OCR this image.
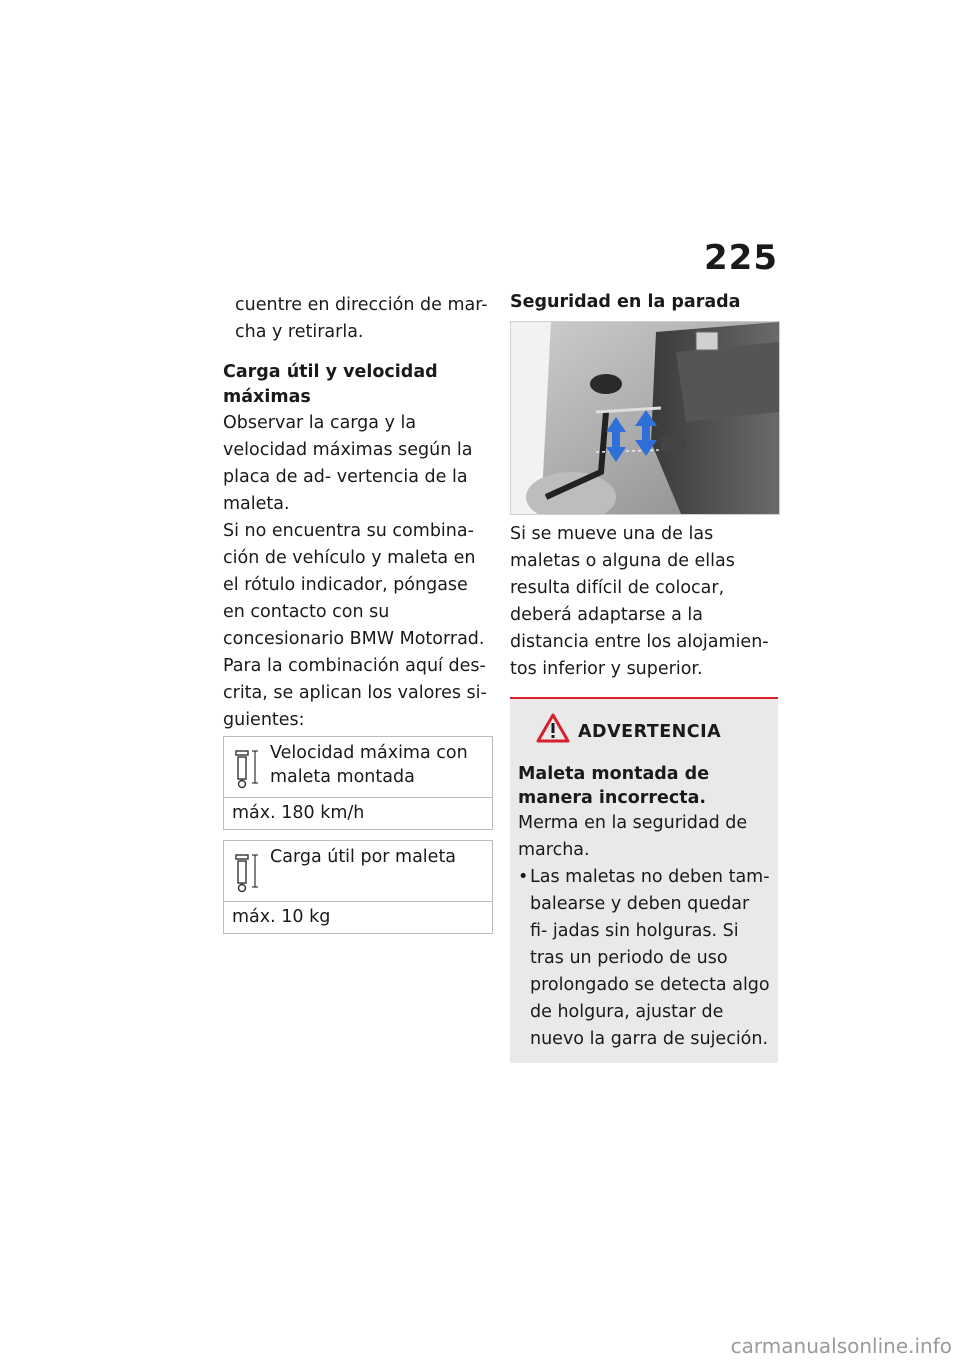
225

cuentre en dirección de mar-

cha y retirarla.

Carga útil y velocidad
máximas

Observar la carga y la velocidad máximas según la placa de ad- vertencia de la maleta.

Si no encuentra su combina- ción de vehículo y maleta en el rótulo indicador, póngase en contacto con su concesionario BMW Motorrad.

Para la combinación aquí des- crita, se aplican los valores si- guientes:

Velocidad máxima con maleta montada
máx. 180 km/h
Carga útil por maleta
máx. 10 kg
Seguridad en la parada

Si se mueve una de las maletas o alguna de ellas resulta difícil de colocar, deberá adaptarse a la distancia entre los alojamien- tos inferior y superior.

ADVERTENCIA
Maleta montada de manera incorrecta.

Merma en la seguridad de marcha.

• Las maletas no deben tam- balearse y deben quedar fi- jadas sin holguras. Si tras un periodo de uso prolongado se detecta algo de holgura, ajustar de nuevo la garra de sujeción.
carmanualsonline.info
